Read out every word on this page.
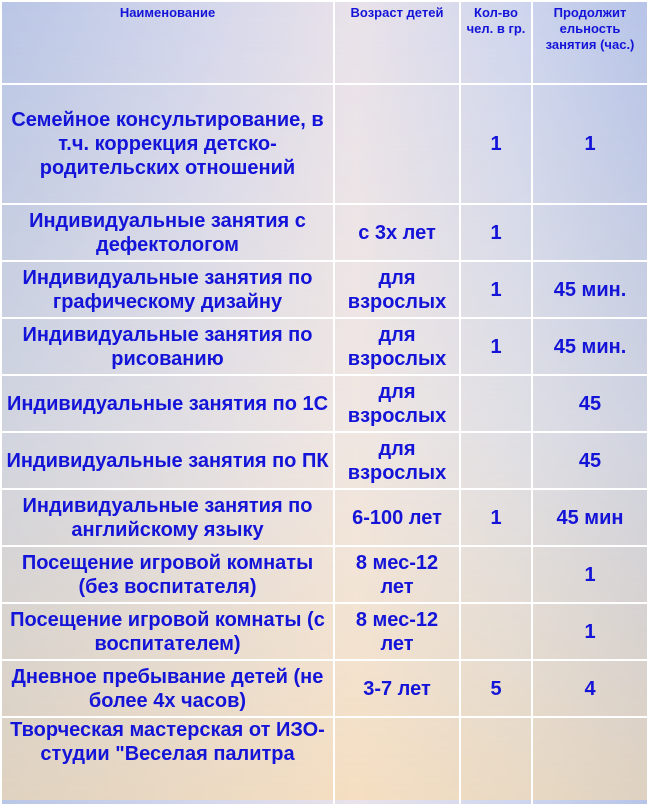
Наименование	Возраст детей	Кол-во чел. в гр.	Продолжит ельность занятия (час.)
Семейное консультирование, в т.ч. коррекция детско-родительских отношений		1	1
Индивидуальные занятия с дефектологом	с 3х лет	1	
Индивидуальные занятия по графическому дизайну	для взрослых	1	45 мин.
Индивидуальные занятия по рисованию	для взрослых	1	45 мин.
Индивидуальные занятия по 1С	для взрослых		45
Индивидуальные занятия по ПК	для взрослых		45
Индивидуальные занятия по английскому языку	6-100 лет	1	45 мин
Посещение игровой комнаты (без воспитателя)	8 мес-12 лет		1
Посещение игровой комнаты (с воспитателем)	8 мес-12 лет		1
Дневное пребывание детей (не более 4х часов)	3-7 лет	5	4
Творческая мастерская от ИЗО-студии "Веселая палитра			
